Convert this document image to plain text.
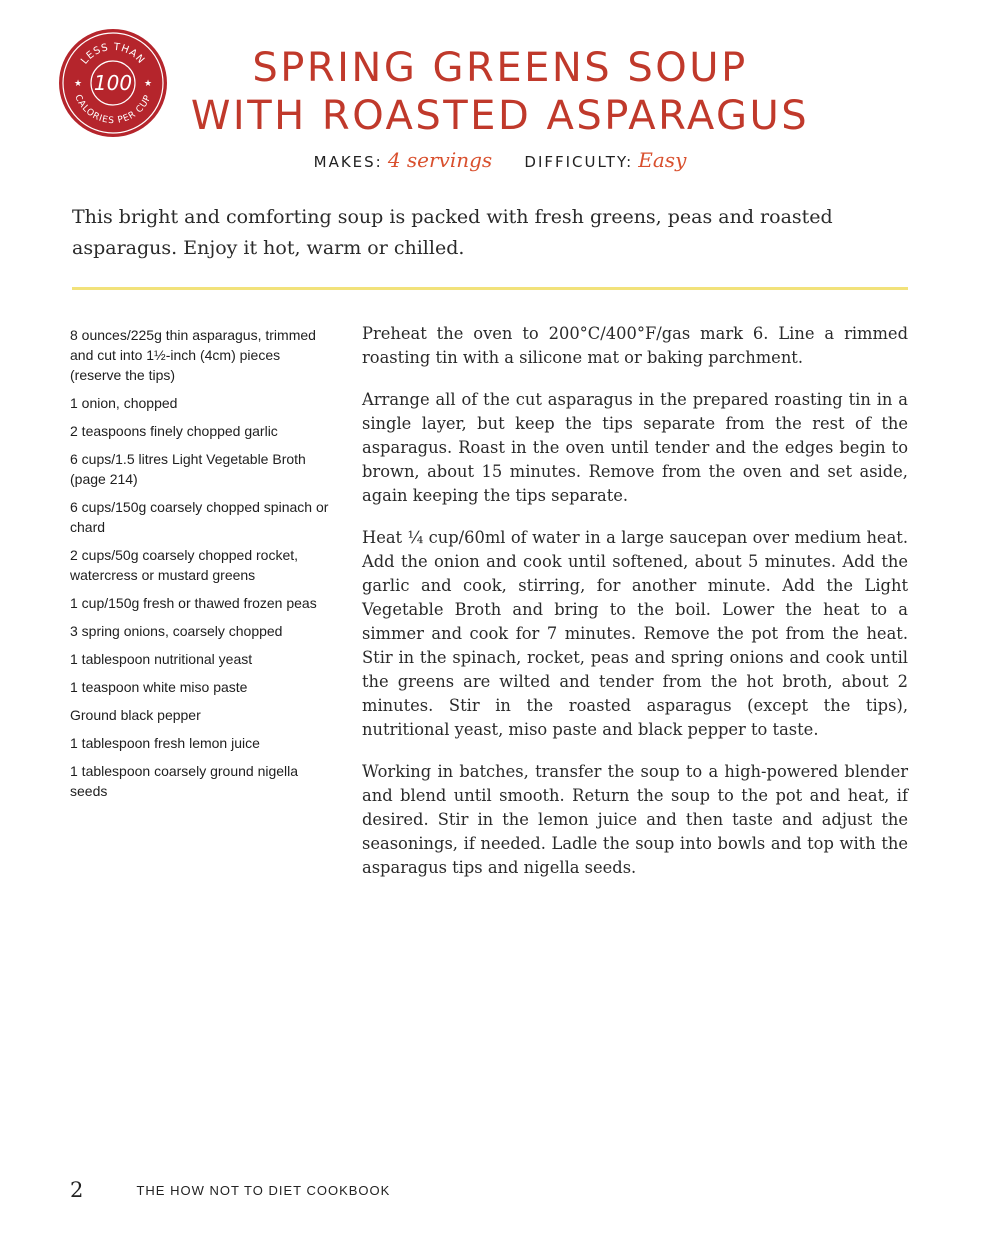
LESS THAN
CALORIES PER CUP
100
★	★	SPRING GREENS SOUP
WITH ROASTED ASPARAGUS
MAKES: 4 servings DIFFICULTY: Easy
This bright and comforting soup is packed with fresh greens, peas and roasted asparagus. Enjoy it hot, warm or chilled.
8 ounces/225g thin asparagus, trimmed and cut into 1½-inch (4cm) pieces (reserve the tips)
1 onion, chopped
2 teaspoons finely chopped garlic
6 cups/1.5 litres Light Vegetable Broth (page 214)
6 cups/150g coarsely chopped spinach or chard
2 cups/50g coarsely chopped rocket, watercress or mustard greens
1 cup/150g fresh or thawed frozen peas
3 spring onions, coarsely chopped
1 tablespoon nutritional yeast
1 teaspoon white miso paste
Ground black pepper
1 tablespoon fresh lemon juice
1 tablespoon coarsely ground nigella seeds

Preheat the oven to 200°C/400°F/gas mark 6. Line a rimmed roasting tin with a silicone mat or baking parchment.

Arrange all of the cut asparagus in the prepared roasting tin in a single layer, but keep the tips separate from the rest of the asparagus. Roast in the oven until tender and the edges begin to brown, about 15 minutes. Remove from the oven and set aside, again keeping the tips separate.

Heat ¼ cup/60ml of water in a large saucepan over medium heat. Add the onion and cook until softened, about 5 minutes. Add the garlic and cook, stirring, for another minute. Add the Light Vegetable Broth and bring to the boil. Lower the heat to a simmer and cook for 7 minutes. Remove the pot from the heat. Stir in the spinach, rocket, peas and spring onions and cook until the greens are wilted and tender from the hot broth, about 2 minutes. Stir in the roasted asparagus (except the tips), nutritional yeast, miso paste and black pepper to taste.

Working in batches, transfer the soup to a high-powered blender and blend until smooth. Return the soup to the pot and heat, if desired. Stir in the lemon juice and then taste and adjust the seasonings, if needed. Ladle the soup into bowls and top with the asparagus tips and nigella seeds.

2	THE HOW NOT TO DIET COOKBOOK
